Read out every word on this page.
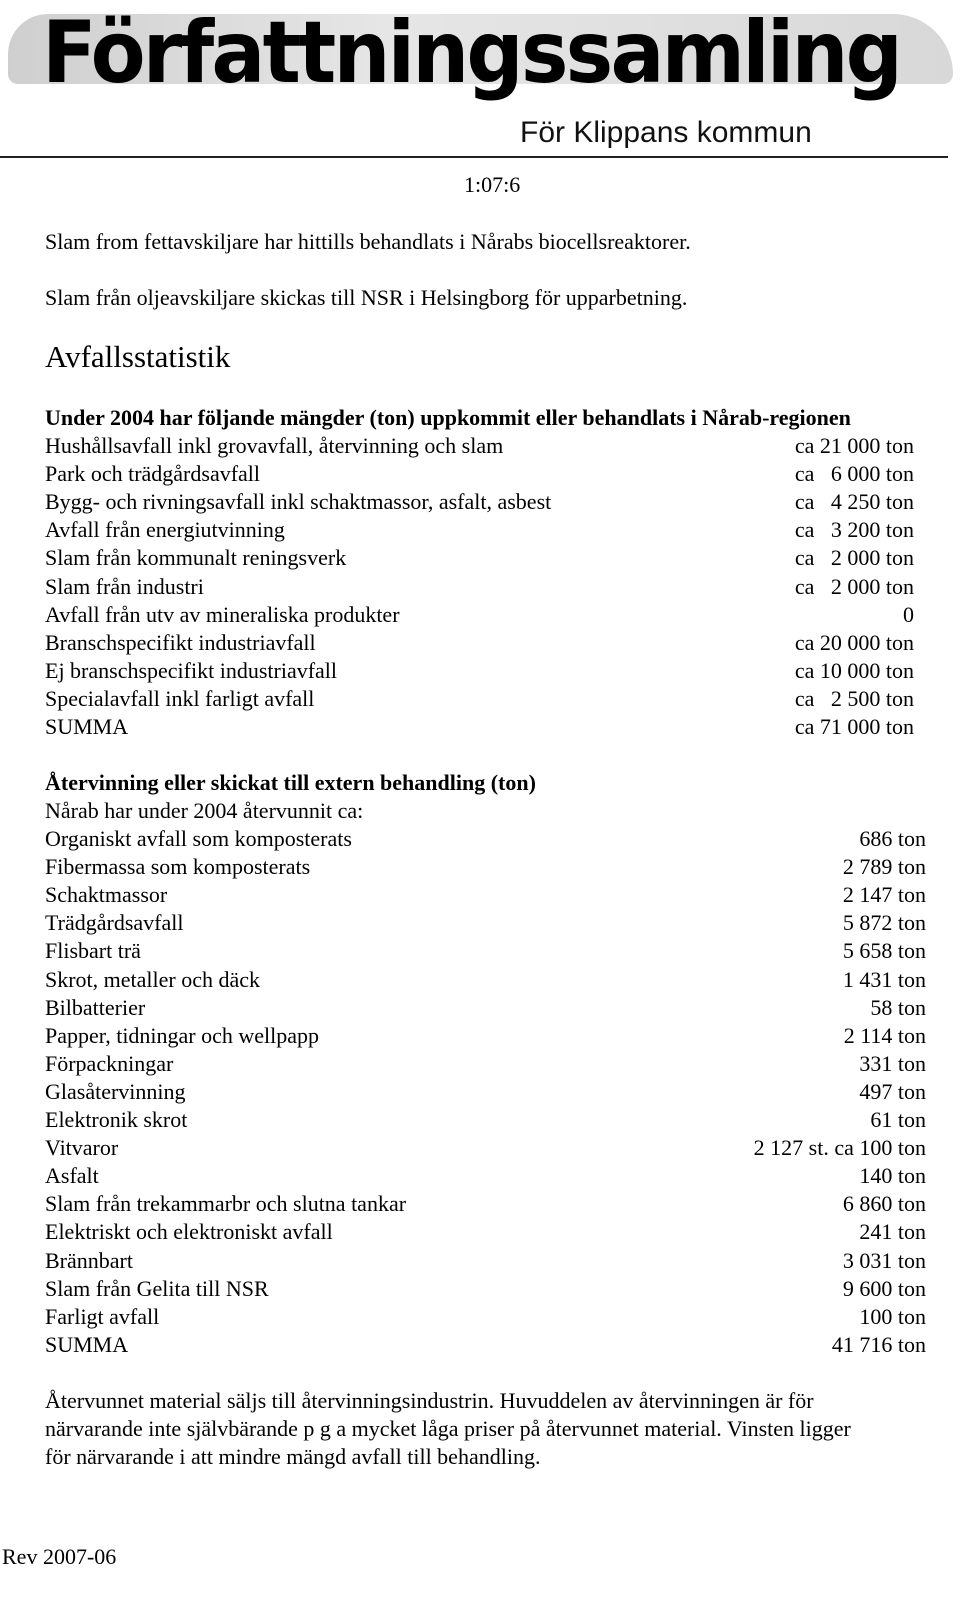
Författningssamling
För Klippans kommun
1:07:6
Slam from fettavskiljare har hittills behandlats i Nårabs biocellsreaktorer.
Slam från oljeavskiljare skickas till NSR i Helsingborg för upparbetning.
Avfallsstatistik
Under 2004 har följande mängder (ton) uppkommit eller behandlats i Nårab-regionen
Hushållsavfall inkl grovavfall, återvinning och slam	ca 21 000 ton
Park och trädgårdsavfall	ca   6 000 ton
Bygg- och rivningsavfall inkl schaktmassor, asfalt, asbest	ca   4 250 ton
Avfall från energiutvinning	ca   3 200 ton
Slam från kommunalt reningsverk	ca   2 000 ton
Slam från industri	ca   2 000 ton
Avfall från utv av mineraliska produkter	0
Branschspecifikt industriavfall	ca 20 000 ton
Ej branschspecifikt industriavfall	ca 10 000 ton
Specialavfall inkl farligt avfall	ca   2 500 ton
SUMMA	ca 71 000 ton
Återvinning eller skickat till extern behandling (ton)
Nårab har under 2004 återvunnit ca:
Organiskt avfall som komposterats	686 ton
Fibermassa som komposterats	2 789 ton
Schaktmassor	2 147 ton
Trädgårdsavfall	5 872 ton
Flisbart trä	5 658 ton
Skrot, metaller och däck	1 431 ton
Bilbatterier	58 ton
Papper, tidningar och wellpapp	2 114 ton
Förpackningar	331 ton
Glasåtervinning	497 ton
Elektronik skrot	61 ton
Vitvaror	2 127 st. ca 100 ton
Asfalt	140 ton
Slam från trekammarbr och slutna tankar	6 860 ton
Elektriskt och elektroniskt avfall	241 ton
Brännbart	3 031 ton
Slam från Gelita till NSR	9 600 ton
Farligt avfall	100 ton
SUMMA	41 716 ton
Återvunnet material säljs till återvinningsindustrin. Huvuddelen av återvinningen är för
närvarande inte självbärande p g a mycket låga priser på återvunnet material. Vinsten ligger
för närvarande i att mindre mängd avfall till behandling.
Rev 2007-06
